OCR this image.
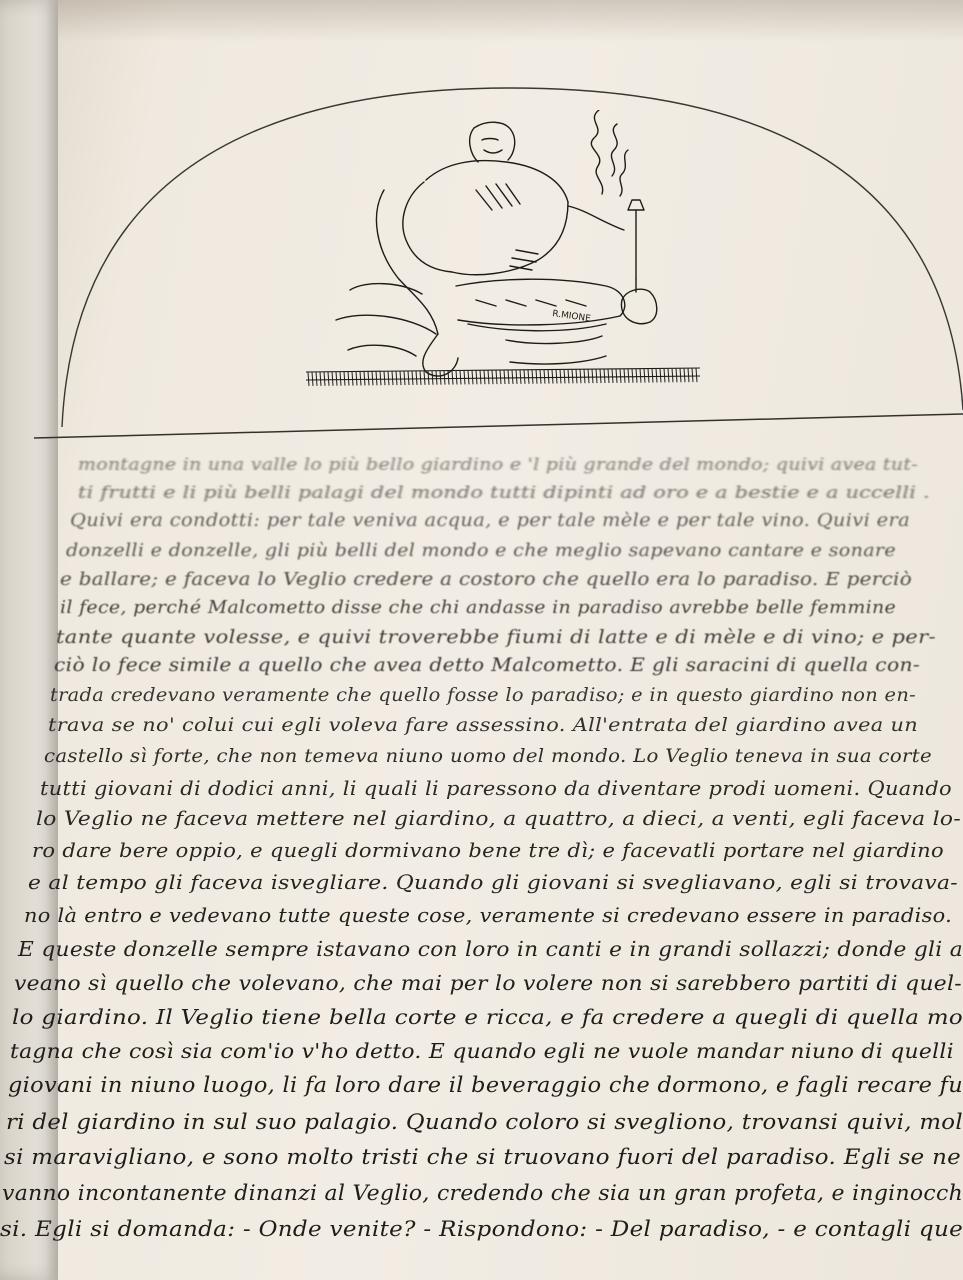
R.MIONE
montagne in una valle lo più bello giardino e 'l più grande del mondo; quivi avea tut-
ti frutti e li più belli palagi del mondo tutti dipinti ad oro e a bestie e a uccelli .
Quivi era condotti: per tale veniva acqua, e per tale mèle e per tale vino. Quivi era
donzelli e donzelle, gli più belli del mondo e che meglio sapevano cantare e sonare
e ballare; e faceva lo Veglio credere a costoro che quello era lo paradiso. E perciò
il fece, perché Malcometto disse che chi andasse in paradiso avrebbe belle femmine
tante quante volesse, e quivi troverebbe fiumi di latte e di mèle e di vino; e per-
ciò lo fece simile a quello che avea detto Malcometto. E gli saracini di quella con-
trada credevano veramente che quello fosse lo paradiso; e in questo giardino non en-
trava se no' colui cui egli voleva fare assessino. All'entrata del giardino avea un
castello sì forte, che non temeva niuno uomo del mondo. Lo Veglio teneva in sua corte
tutti giovani di dodici anni, li quali li paressono da diventare prodi uomeni. Quando
lo Veglio ne faceva mettere nel giardino, a quattro, a dieci, a venti, egli faceva lo-
ro dare bere oppio, e quegli dormivano bene tre dì; e facevatli portare nel giardino
e al tempo gli faceva isvegliare. Quando gli giovani si svegliavano, egli si trovava-
no là entro e vedevano tutte queste cose, veramente si credevano essere in paradiso.
E queste donzelle sempre istavano con loro in canti e in grandi sollazzi; donde gli a
veano sì quello che volevano, che mai per lo volere non si sarebbero partiti di quel-
lo giardino. Il Veglio tiene bella corte e ricca, e fa credere a quegli di quella mo
tagna che così sia com'io v'ho detto. E quando egli ne vuole mandar niuno di quelli
giovani in niuno luogo, li fa loro dare il beveraggio che dormono, e fagli recare fu
ri del giardino in sul suo palagio. Quando coloro si svegliono, trovansi quivi, mol
si maravigliano, e sono molto tristi che si truovano fuori del paradiso. Egli se ne
vanno incontanente dinanzi al Veglio, credendo che sia un gran profeta, e inginocch
si. Egli si domanda: - Onde venite? - Rispondono: - Del paradiso, - e contagli que
